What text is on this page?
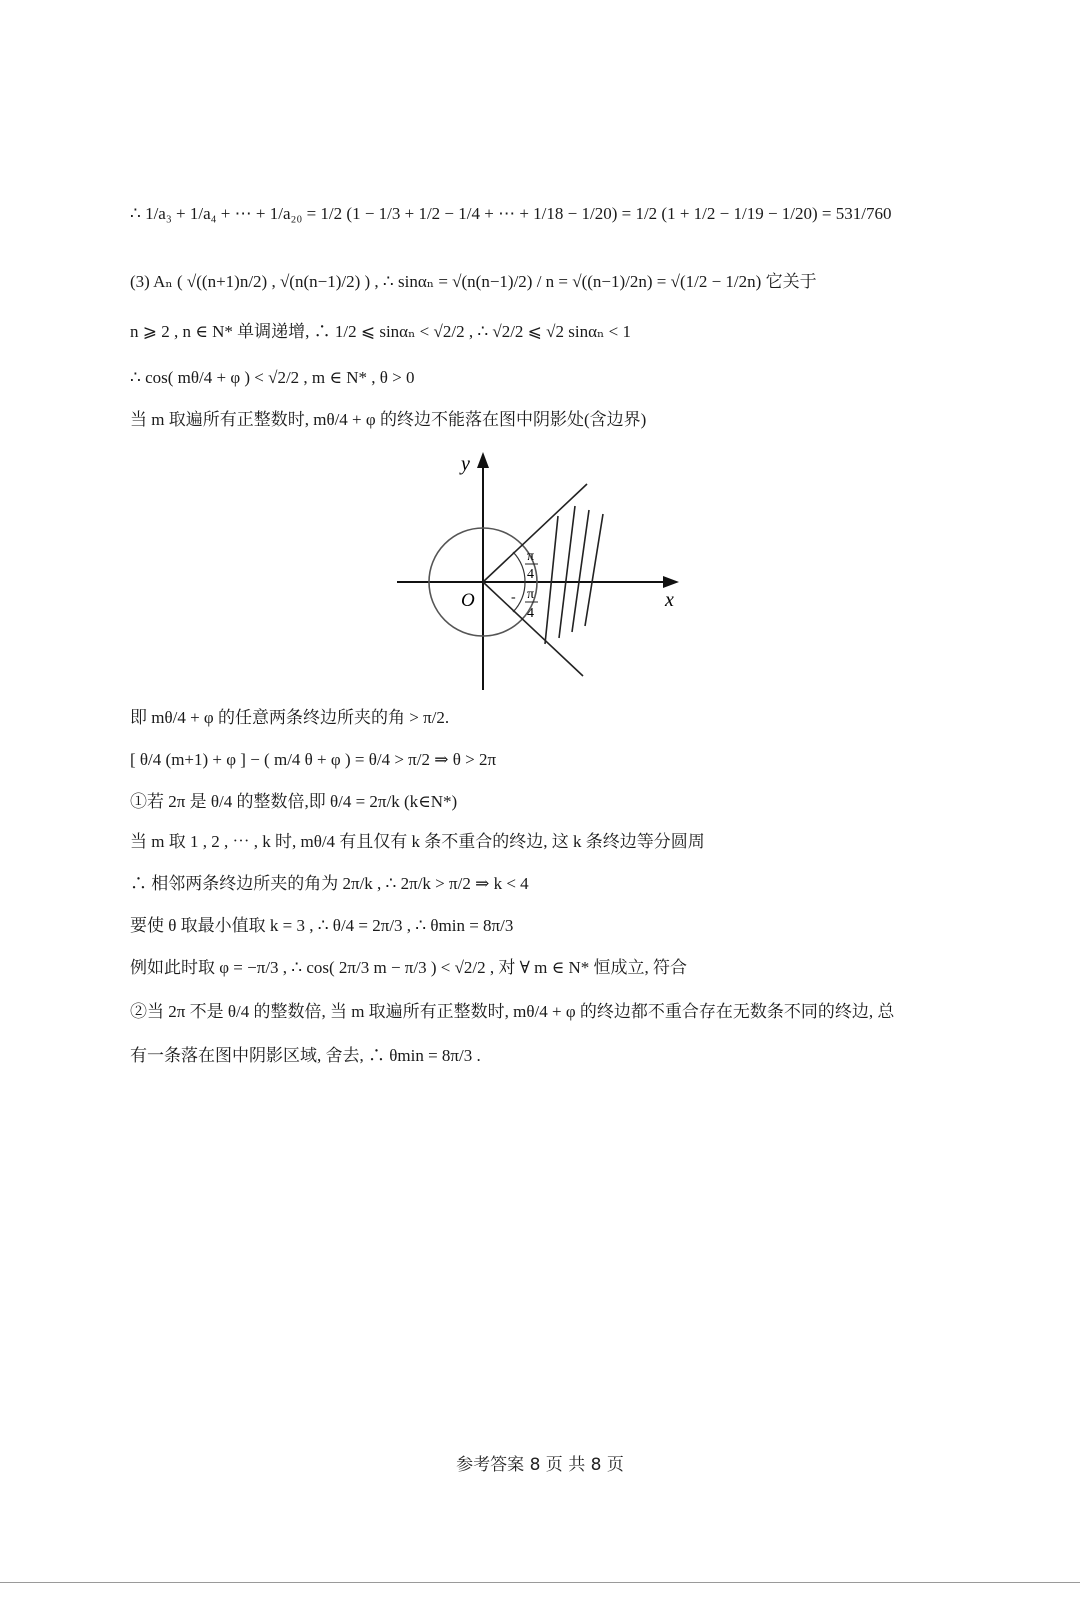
∴ 1/a₃ + 1/a₄ + ⋯ + 1/a₂₀ = 1/2 (1 − 1/3 + 1/2 − 1/4 + ⋯ + 1/18 − 1/20) = 1/2 (1 + 1/2 − 1/19 − 1/20) = 531/760
(3) Aₙ ( √((n+1)n/2) , √(n(n−1)/2) ) , ∴ sinαₙ = √(n(n−1)/2) / n = √((n−1)/2n) = √(1/2 − 1/2n) 它关于
n ⩾ 2 , n ∈ N* 单调递增, ∴ 1/2 ⩽ sinαₙ < √2/2 , ∴ √2/2 ⩽ √2 sinαₙ < 1
∴ cos( mθ/4 + φ ) < √2/2 , m ∈ N* , θ > 0
当 m 取遍所有正整数时, mθ/4 + φ 的终边不能落在图中阴影处(含边界)
y
x
O
π
4
- π
4
即 mθ/4 + φ 的任意两条终边所夹的角 > π/2.
[ θ/4 (m+1) + φ ] − ( m/4 θ + φ ) = θ/4 > π/2 ⇒ θ > 2π
①若 2π 是 θ/4 的整数倍,即 θ/4 = 2π/k (k∈N*)
当 m 取 1 , 2 , ⋯ , k 时, mθ/4 有且仅有 k 条不重合的终边, 这 k 条终边等分圆周
∴ 相邻两条终边所夹的角为 2π/k , ∴ 2π/k > π/2 ⇒ k < 4
要使 θ 取最小值取 k = 3 , ∴ θ/4 = 2π/3 , ∴ θmin = 8π/3
例如此时取 φ = −π/3 , ∴ cos( 2π/3 m − π/3 ) < √2/2 , 对 ∀ m ∈ N* 恒成立, 符合
②当 2π 不是 θ/4 的整数倍, 当 m 取遍所有正整数时, mθ/4 + φ 的终边都不重合存在无数条不同的终边, 总
有一条落在图中阴影区域, 舍去, ∴ θmin = 8π/3 .
参考答案 8 页 共 8 页
